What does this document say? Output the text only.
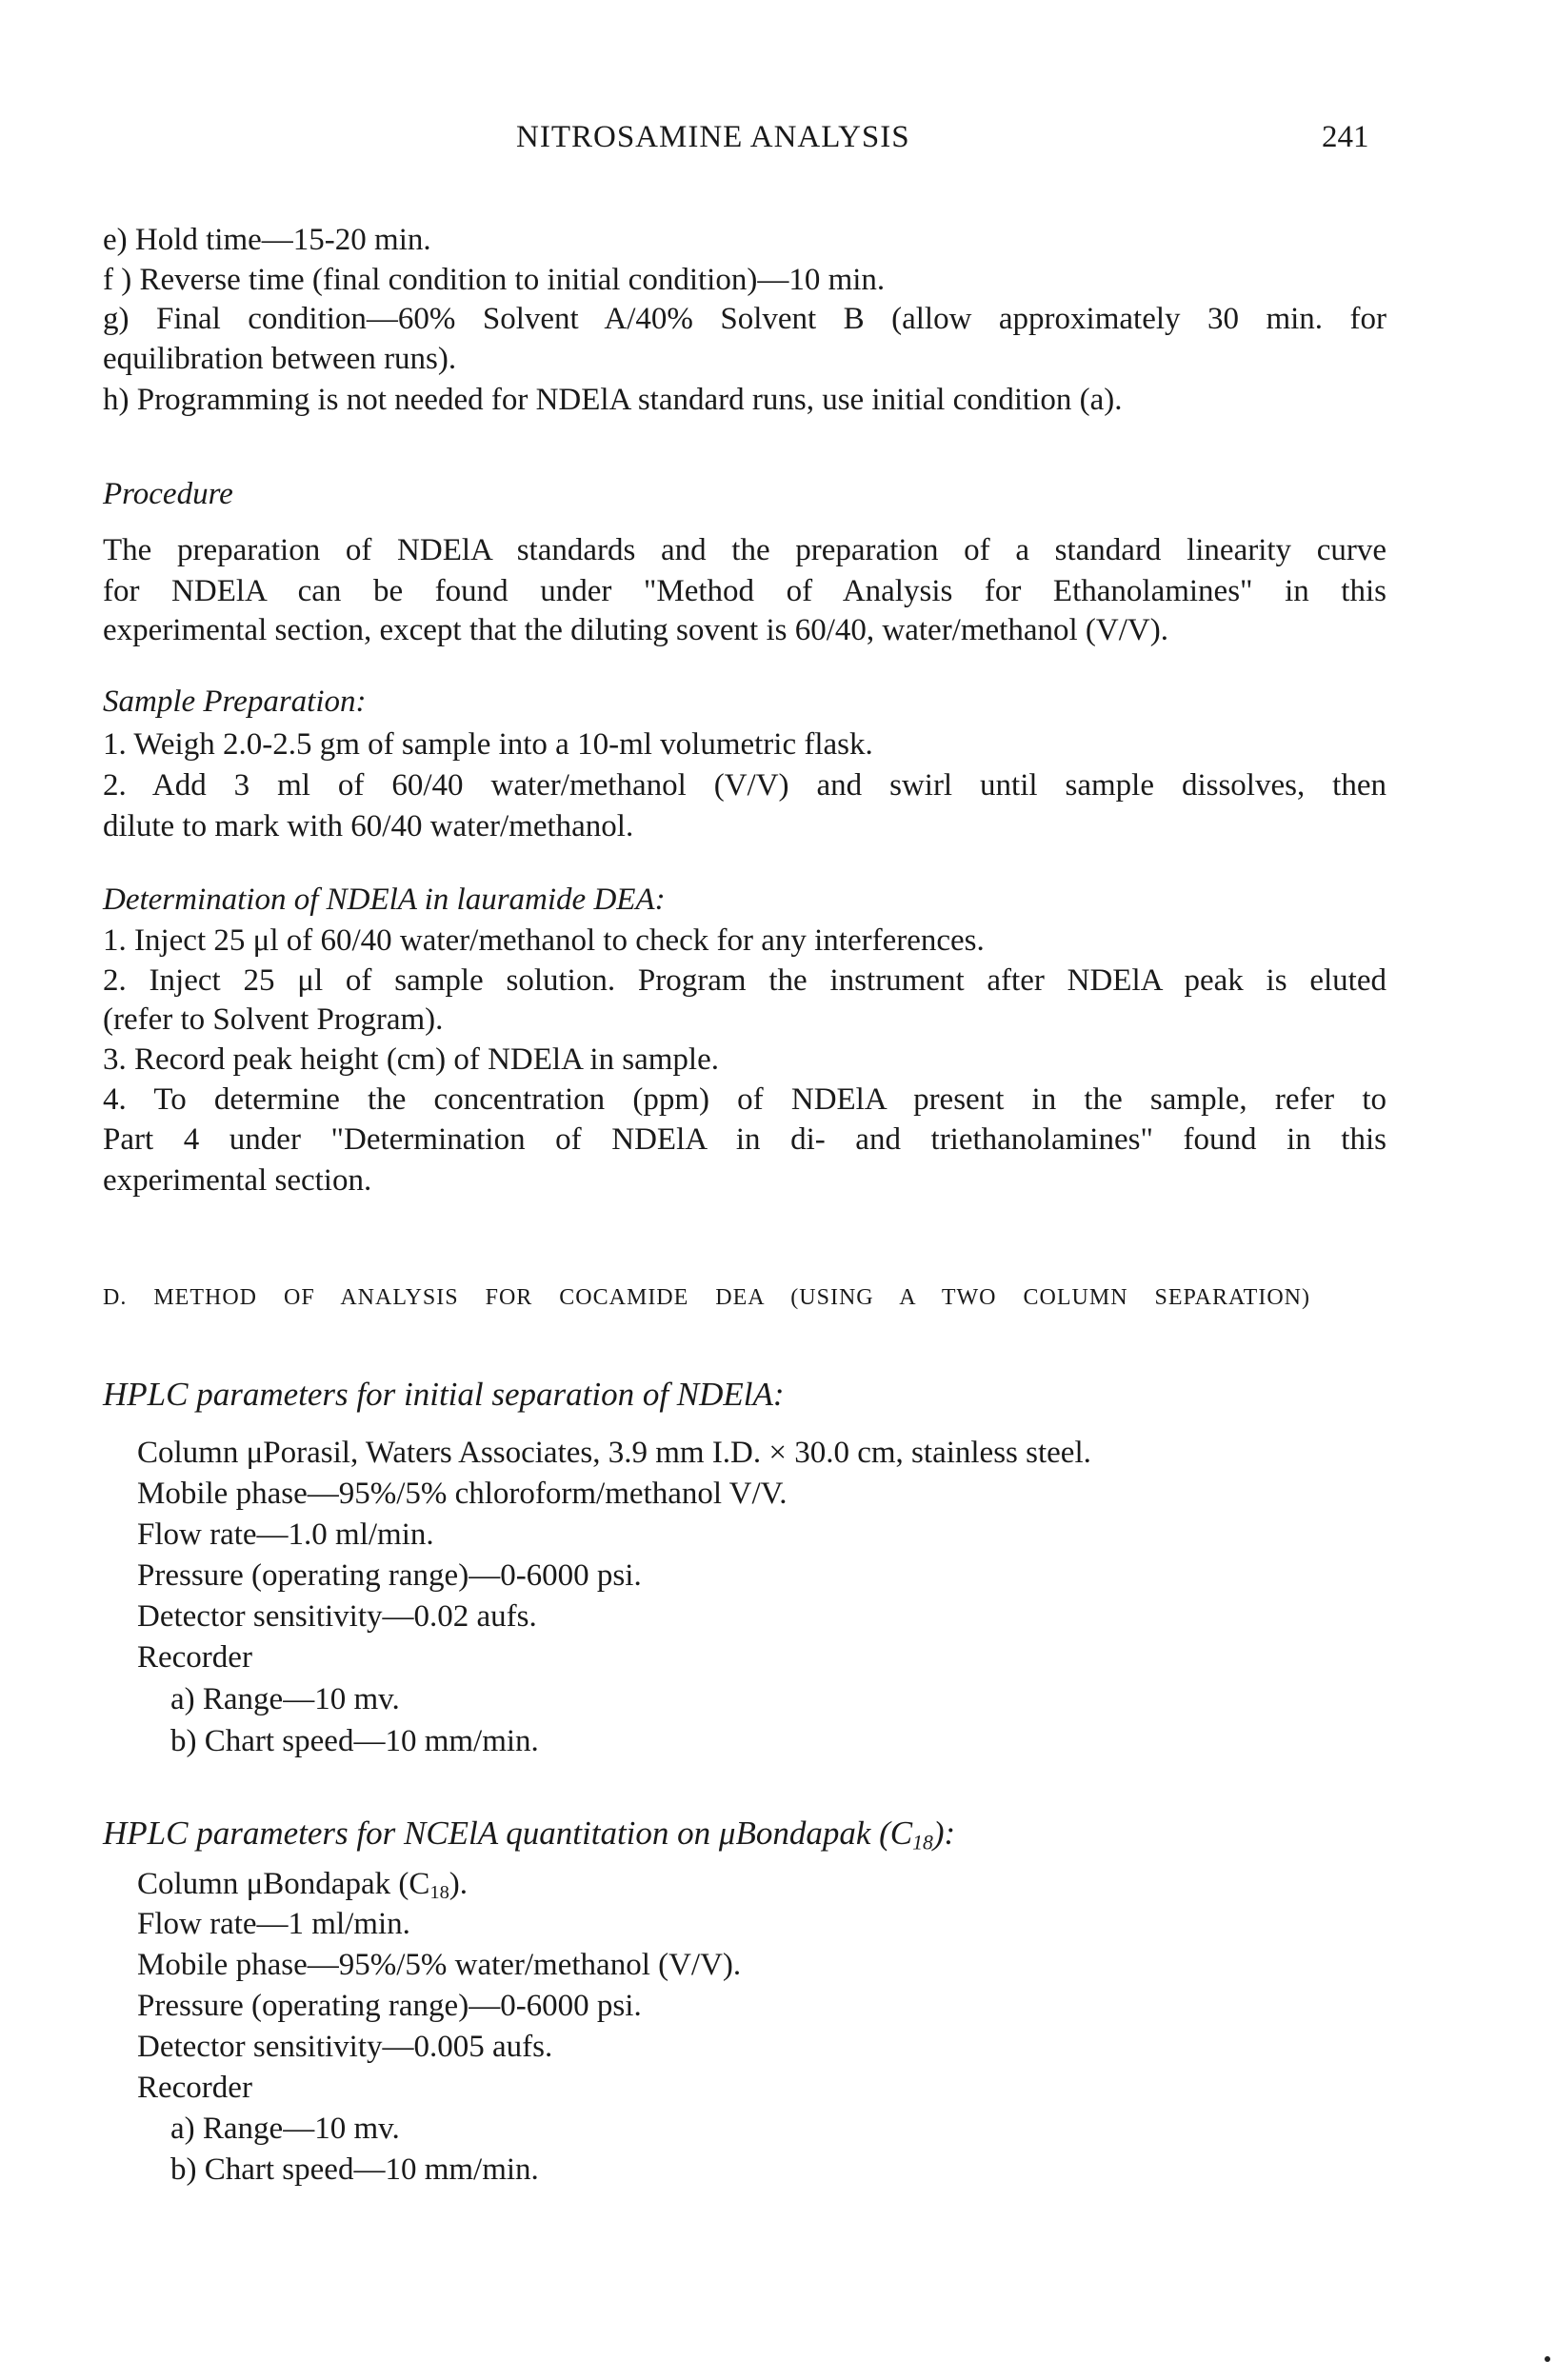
NITROSAMINE ANALYSIS	241
e) Hold time—15-20 min.
f ) Reverse time (final condition to initial condition)—10 min.
g) Final condition—60% Solvent A/40% Solvent B (allow approximately 30 min. for
equilibration between runs).
h) Programming is not needed for NDElA standard runs, use initial condition (a).
Procedure
The preparation of NDElA standards and the preparation of a standard linearity curve
for NDElA can be found under "Method of Analysis for Ethanolamines" in this
experimental section, except that the diluting sovent is 60/40, water/methanol (V/V).
Sample Preparation:
1. Weigh 2.0-2.5 gm of sample into a 10-ml volumetric flask.
2. Add 3 ml of 60/40 water/methanol (V/V) and swirl until sample dissolves, then
dilute to mark with 60/40 water/methanol.
Determination of NDElA in lauramide DEA:
1. Inject 25 μl of 60/40 water/methanol to check for any interferences.
2. Inject 25 μl of sample solution. Program the instrument after NDElA peak is eluted
(refer to Solvent Program).
3. Record peak height (cm) of NDElA in sample.
4. To determine the concentration (ppm) of NDElA present in the sample, refer to
Part 4 under "Determination of NDElA in di- and triethanolamines" found in this
experimental section.
D. METHOD OF ANALYSIS FOR COCAMIDE DEA (USING A TWO COLUMN SEPARATION)
HPLC parameters for initial separation of NDElA:
Column μPorasil, Waters Associates, 3.9 mm I.D. × 30.0 cm, stainless steel.
Mobile phase—95%/5% chloroform/methanol V/V.
Flow rate—1.0 ml/min.
Pressure (operating range)—0-6000 psi.
Detector sensitivity—0.02 aufs.
Recorder
a) Range—10 mv.
b) Chart speed—10 mm/min.
HPLC parameters for NCElA quantitation on μBondapak $(C_{18})$:
Column μBondapak $(C_{18})$.
Flow rate—1 ml/min.
Mobile phase—95%/5% water/methanol (V/V).
Pressure (operating range)—0-6000 psi.
Detector sensitivity—0.005 aufs.
Recorder
a) Range—10 mv.
b) Chart speed—10 mm/min.
